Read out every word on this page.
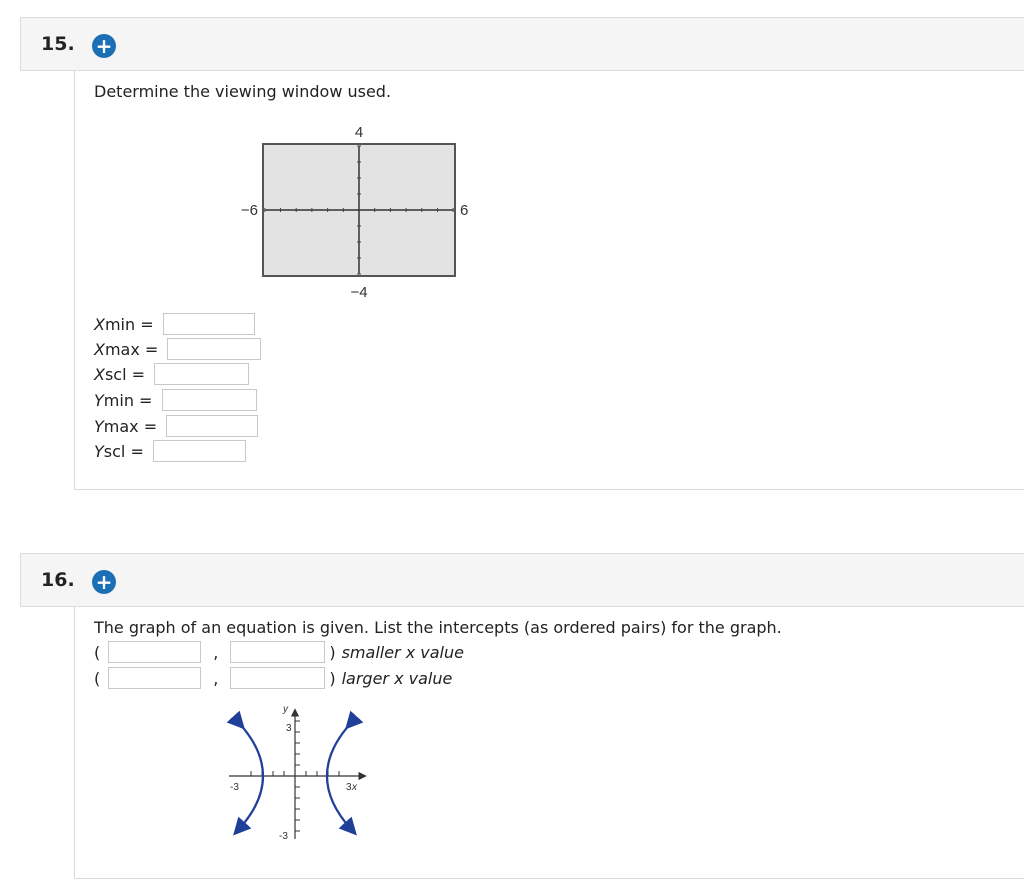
15. +
Determine the viewing window used.
4
−4
−6	6
Xmin =
Xmax =
Xscl =
Ymin =
Ymax =
Yscl =
16. +
The graph of an equation is given. List the intercepts (as ordered pairs) for the graph.
(	,	) smaller x value
(	,	) larger x value
y
3
-3
-3	3 x
